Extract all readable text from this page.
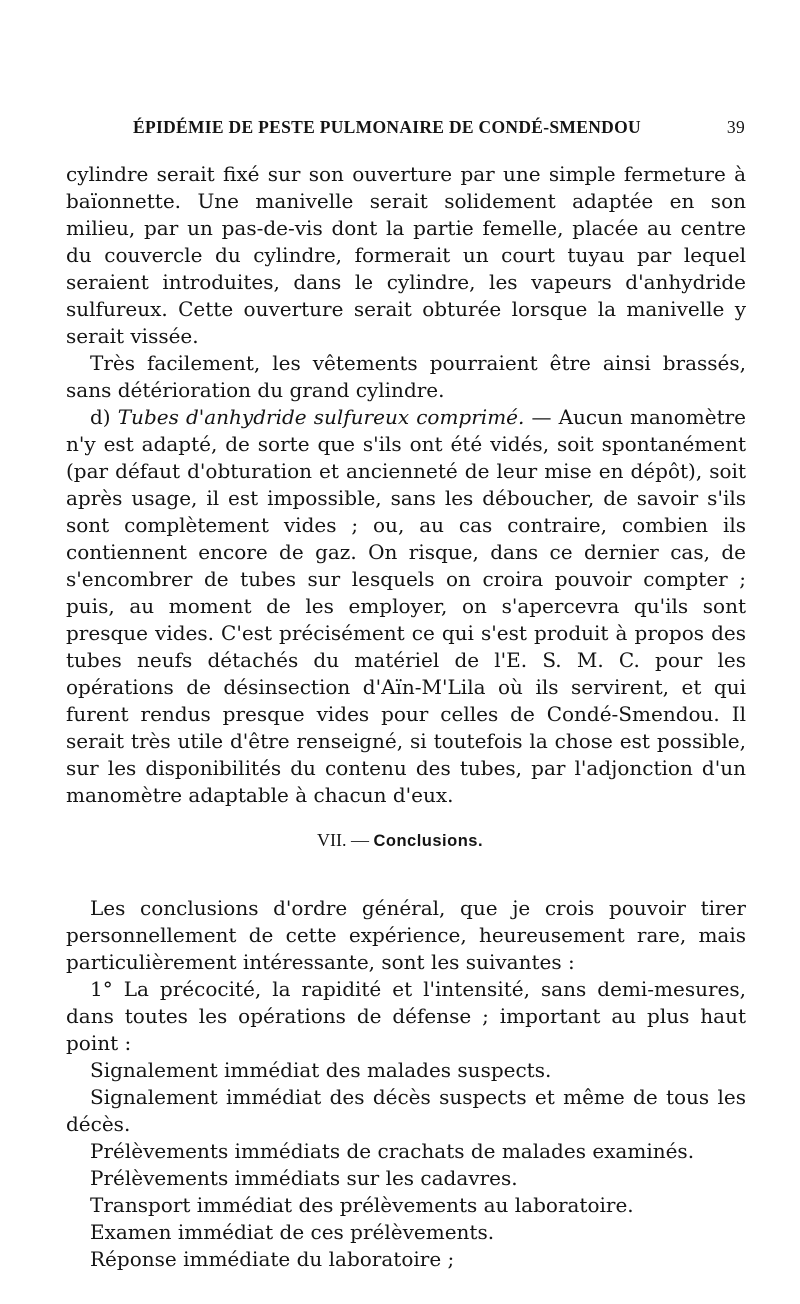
ÉPIDÉMIE DE PESTE PULMONAIRE DE CONDÉ-SMENDOU	39

cylindre serait fixé sur son ouverture par une simple fermeture à baïonnette. Une manivelle serait solidement adaptée en son milieu, par un pas-de-vis dont la partie femelle, placée au centre du couvercle du cylindre, formerait un court tuyau par lequel seraient introduites, dans le cylindre, les vapeurs d'anhydride sulfureux. Cette ouverture serait obturée lorsque la manivelle y serait vissée.

Très facilement, les vêtements pourraient être ainsi brassés, sans détérioration du grand cylindre.

d) Tubes d'anhydride sulfureux comprimé. — Aucun manomètre n'y est adapté, de sorte que s'ils ont été vidés, soit spontanément (par défaut d'obturation et ancienneté de leur mise en dépôt), soit après usage, il est impossible, sans les déboucher, de savoir s'ils sont complètement vides ; ou, au cas contraire, combien ils contiennent encore de gaz. On risque, dans ce dernier cas, de s'encombrer de tubes sur lesquels on croira pouvoir compter ; puis, au moment de les employer, on s'apercevra qu'ils sont presque vides. C'est précisément ce qui s'est produit à propos des tubes neufs détachés du matériel de l'E. S. M. C. pour les opérations de désinsection d'Aïn-M'Lila où ils servirent, et qui furent rendus presque vides pour celles de Condé-Smendou. Il serait très utile d'être renseigné, si toutefois la chose est possible, sur les disponibilités du contenu des tubes, par l'adjonction d'un manomètre adaptable à chacun d'eux.

VII. — Conclusions.

Les conclusions d'ordre général, que je crois pouvoir tirer personnellement de cette expérience, heureusement rare, mais particulièrement intéressante, sont les suivantes :

1° La précocité, la rapidité et l'intensité, sans demi-mesures, dans toutes les opérations de défense ; important au plus haut point :

Signalement immédiat des malades suspects.

Signalement immédiat des décès suspects et même de tous les décès.

Prélèvements immédiats de crachats de malades examinés.

Prélèvements immédiats sur les cadavres.

Transport immédiat des prélèvements au laboratoire.

Examen immédiat de ces prélèvements.

Réponse immédiate du laboratoire ;
